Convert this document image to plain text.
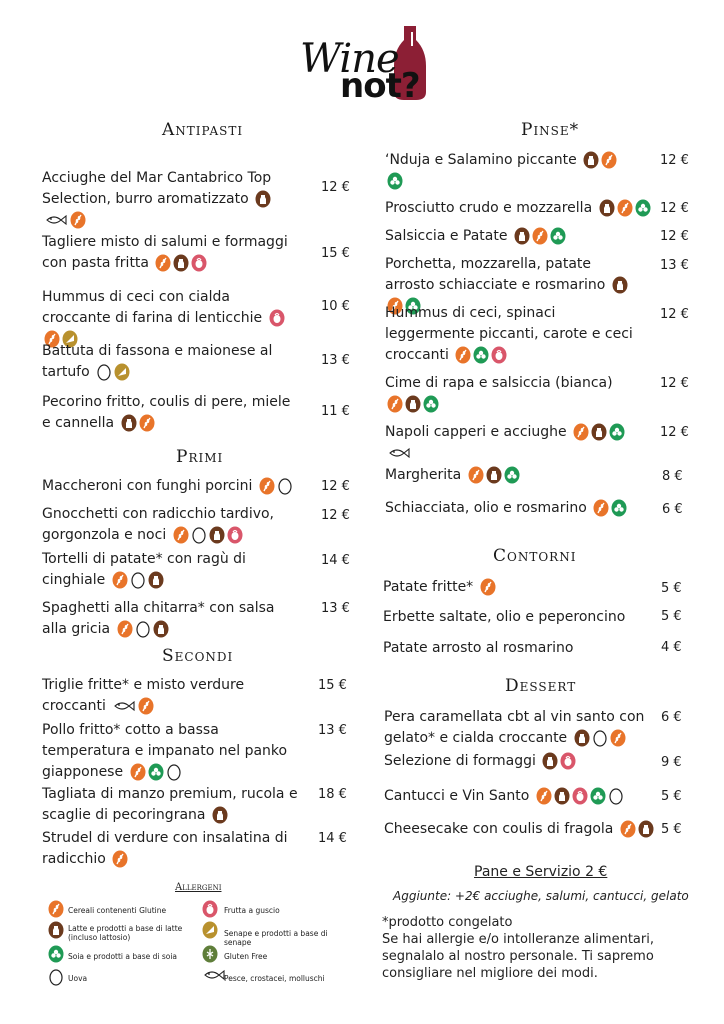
Wine
not?
Antipasti
Primi
Secondi
Pinse*
Contorni
Dessert
Acciughe del Mar Cantabrico Top Selection, burro aromatizzato
12 €
Tagliere misto di salumi e formaggi con pasta fritta
15 €
Hummus di ceci con cialda croccante di farina di lenticchie
10 €
Battuta di fassona e maionese al tartufo
13 €
Pecorino fritto, coulis di pere, miele e cannella
11 €
Maccheroni con funghi porcini	12 €
Gnocchetti con radicchio tardivo, gorgonzola e noci
12 €
Tortelli di patate* con ragù di cinghiale
14 €
Spaghetti alla chitarra* con salsa alla gricia
13 €
Triglie fritte* e misto verdure croccanti
15 €
Pollo fritto* cotto a bassa temperatura e impanato nel panko giapponese
13 €
Tagliata di manzo premium, rucola e scaglie di pecoringrana
18 €
Strudel di verdure con insalatina di radicchio
14 €
‘Nduja e Salamino piccante	12 €
Prosciutto crudo e mozzarella	12 €
Salsiccia e Patate	12 €
Porchetta, mozzarella, patate arrosto schiacciate e rosmarino
13 €
Hummus di ceci, spinaci leggermente piccanti, carote e ceci croccanti
12 €
Cime di rapa e salsiccia (bianca)	12 €
Napoli capperi e acciughe	12 €
Margherita	8 €
Schiacciata, olio e rosmarino	6 €
Patate fritte*	5 €
Erbette saltate, olio e peperoncino	5 €
Patate arrosto al rosmarino	4 €
Pera caramellata cbt al vin santo con gelato* e cialda croccante
6 €
Selezione di formaggi	9 €
Cantucci e Vin Santo	5 €
Cheesecake con coulis di fragola	5 €
Allergeni
Cereali contenenti Glutine	Frutta a guscio
Latte e prodotti a base di latte (incluso lattosio)	Senape e prodotti a base di senape
Soia e prodotti a base di soia	Gluten Free
Uova	Pesce, crostacei, molluschi
Pane e Servizio 2 €
Aggiunte: +2€ acciughe, salumi, cantucci, gelato
*prodotto congelato
Se hai allergie e/o intolleranze alimentari, segnalalo al nostro personale. Ti sapremo consigliare nel migliore dei modi.
